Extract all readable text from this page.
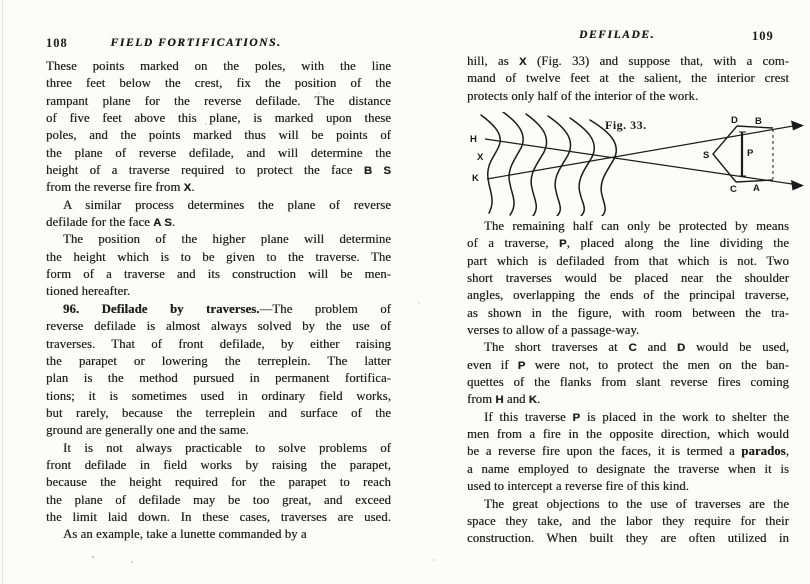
108	FIELD FORTIFICATIONS.
These points marked on the poles, with the line
three feet below the crest, fix the position of the
rampant plane for the reverse defilade. The distance
of five feet above this plane, is marked upon these
poles, and the points marked thus will be points of
the plane of reverse defilade, and will determine the
height of a traverse required to protect the face B S
from the reverse fire from X.
A similar process determines the plane of reverse
defilade for the face A S.
The position of the higher plane will determine
the height which is to be given to the traverse. The
form of a traverse and its construction will be men-
tioned hereafter.
96. Defilade by traverses.—The problem of
reverse defilade is almost always solved by the use of
traverses. That of front defilade, by either raising
the parapet or lowering the terreplein. The latter
plan is the method pursued in permanent fortifica-
tions; it is sometimes used in ordinary field works,
but rarely, because the terreplein and surface of the
ground are generally one and the same.
It is not always practicable to solve problems of
front defilade in field works by raising the parapet,
because the height required for the parapet to reach
the plane of defilade may be too great, and exceed
the limit laid down. In these cases, traverses are used.
As an example, take a lunette commanded by a
109
DEFILADE.
hill, as X (Fig. 33) and suppose that, with a com-
mand of twelve feet at the salient, the interior crest
protects only half of the interior of the work.
Fig. 33.
H
X
K
S
D B
P
C A
The remaining half can only be protected by means
of a traverse, P, placed along the line dividing the
part which is defiladed from that which is not. Two
short traverses would be placed near the shoulder
angles, overlapping the ends of the principal traverse,
as shown in the figure, with room between the tra-
verses to allow of a passage-way.
The short traverses at C and D would be used,
even if P were not, to protect the men on the ban-
quettes of the flanks from slant reverse fires coming
from H and K.
If this traverse P is placed in the work to shelter the
men from a fire in the opposite direction, which would
be a reverse fire upon the faces, it is termed a parados,
a name employed to designate the traverse when it is
used to intercept a reverse fire of this kind.
The great objections to the use of traverses are the
space they take, and the labor they require for their
construction. When built they are often utilized in
